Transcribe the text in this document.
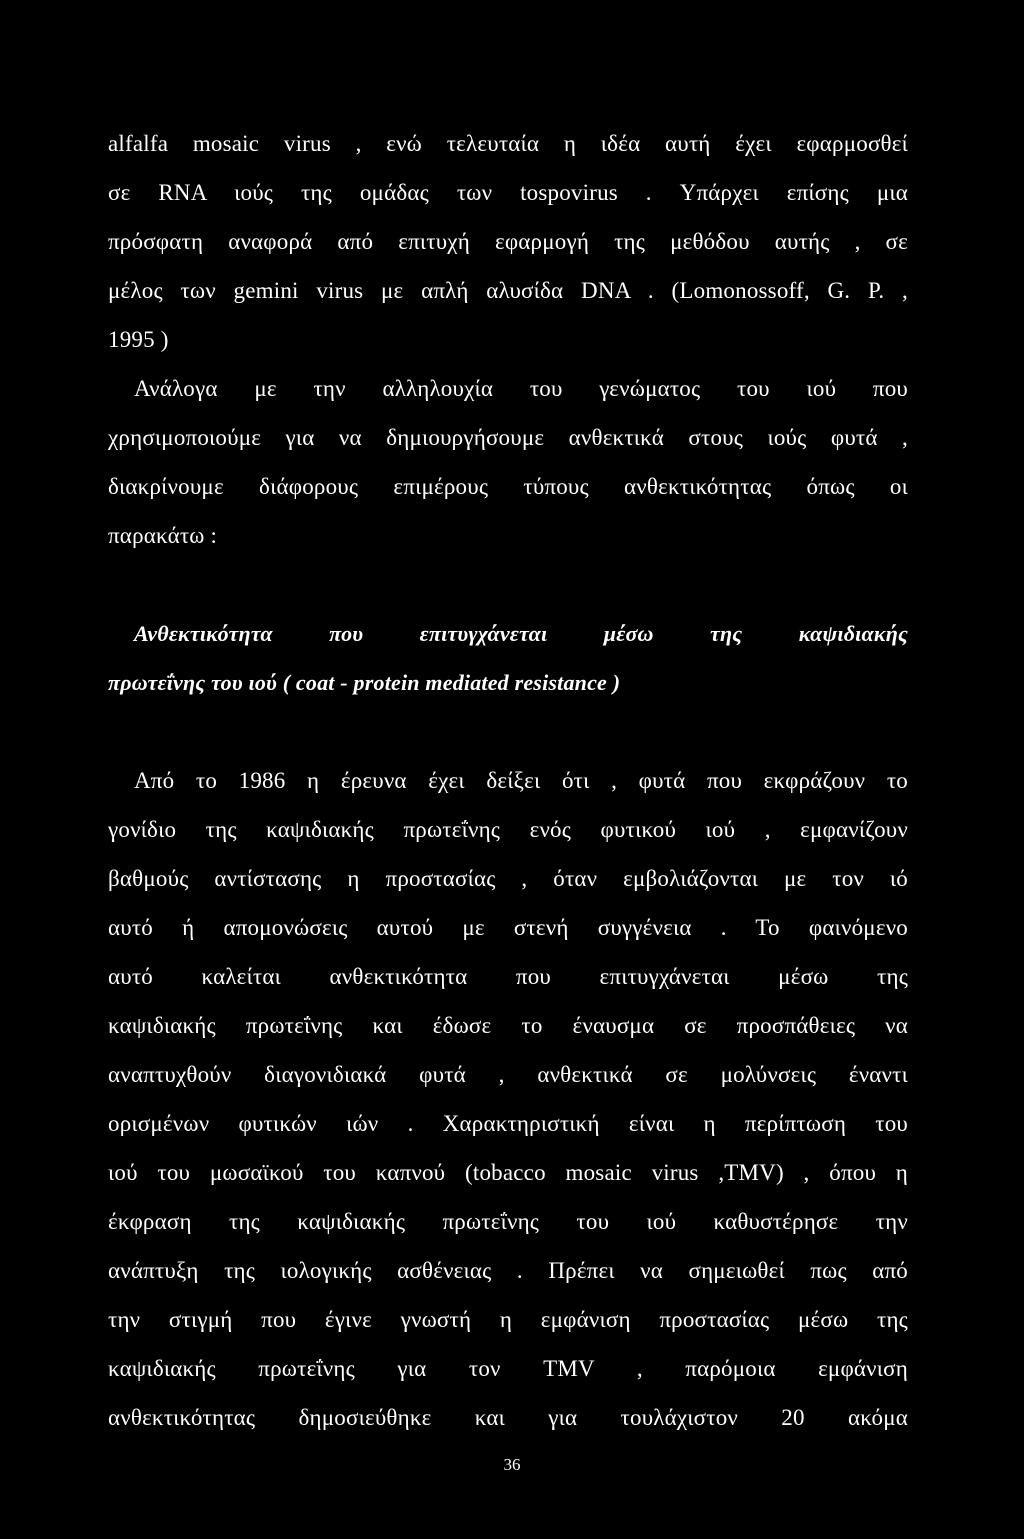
alfalfa mosaic virus , ενώ τελευταία η ιδέα αυτή έχει εφαρμοσθεί
σε RNA ιούς της ομάδας των tospovirus . Υπάρχει επίσης μια
πρόσφατη αναφορά από επιτυχή εφαρμογή της μεθόδου αυτής , σε
μέλος των gemini virus με απλή αλυσίδα DNA . (Lomonossoff, G. P. ,
1995 )
Ανάλογα με την αλληλουχία του γενώματος του ιού που
χρησιμοποιούμε για να δημιουργήσουμε ανθεκτικά στους ιούς φυτά ,
διακρίνουμε διάφορους επιμέρους τύπους ανθεκτικότητας όπως οι
παρακάτω :
Ανθεκτικότητα που επιτυγχάνεται μέσω της καψιδιακής
πρωτεΐνης του ιού ( coat - protein mediated resistance )
Από το 1986 η έρευνα έχει δείξει ότι , φυτά που εκφράζουν το
γονίδιο της καψιδιακής πρωτεΐνης ενός φυτικού ιού , εμφανίζουν
βαθμούς αντίστασης η προστασίας , όταν εμβολιάζονται με τον ιό
αυτό ή απομονώσεις αυτού με στενή συγγένεια . Το φαινόμενο
αυτό καλείται ανθεκτικότητα που επιτυγχάνεται μέσω της
καψιδιακής πρωτεΐνης και έδωσε το έναυσμα σε προσπάθειες να
αναπτυχθούν διαγονιδιακά φυτά , ανθεκτικά σε μολύνσεις έναντι
ορισμένων φυτικών ιών . Χαρακτηριστική είναι η περίπτωση του
ιού του μωσαϊκού του καπνού (tobacco mosaic virus ,TMV) , όπου η
έκφραση της καψιδιακής πρωτεΐνης του ιού καθυστέρησε την
ανάπτυξη της ιολογικής ασθένειας . Πρέπει να σημειωθεί πως από
την στιγμή που έγινε γνωστή η εμφάνιση προστασίας μέσω της
καψιδιακής πρωτεΐνης για τον TMV , παρόμοια εμφάνιση
ανθεκτικότητας δημοσιεύθηκε και για τουλάχιστον 20 ακόμα
36
